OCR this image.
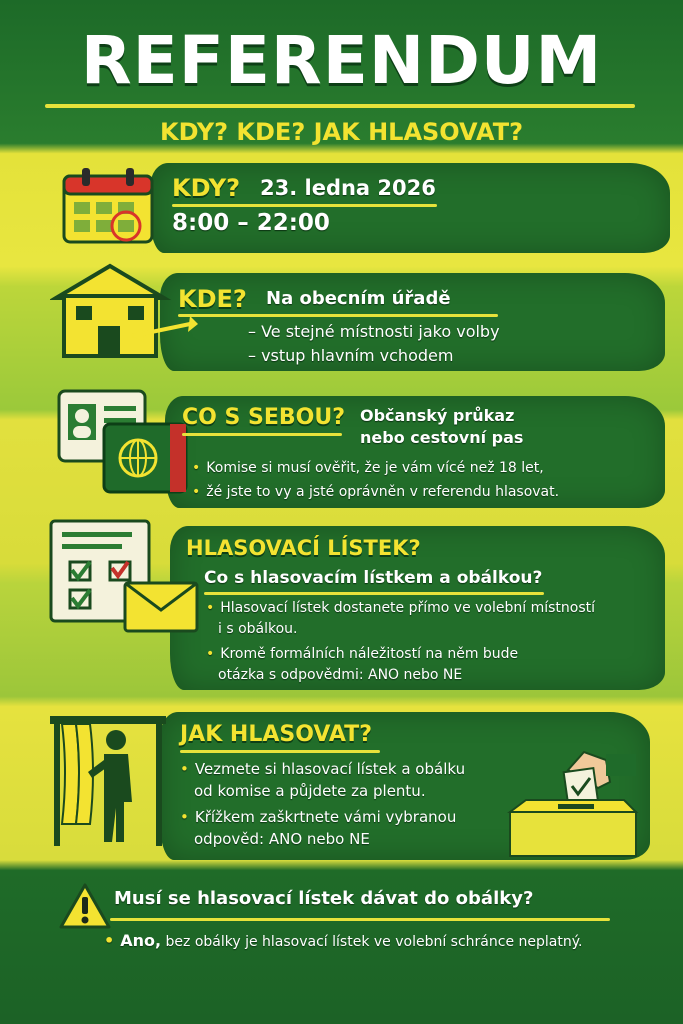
REFERENDUM
KDY? KDE? JAK HLASOVAT?
KDY? 23. ledna 2026
8:00 – 22:00
KDE? Na obecním úřadě
– Ve stejné místnosti jako volby
– vstup hlavním vchodem
CO S SEBOU? Občanský průkaz
nebo cestovní pas
• Komise si musí ověřit, že je vám vícé než 18 let,
• žé jste to vy a jsté oprávněn v referendu hlasovat.
HLASOVACÍ LÍSTEK?
Co s hlasovacím lístkem a obálkou?
• Hlasovací lístek dostanete přímo ve volební místností
i s obálkou.
• Kromě formálních náležitostí na něm bude
otázka s odpovědmi: ANO nebo NE
JAK HLASOVAT?
• Vezmete si hlasovací lístek a obálku
od komise a půjdete za plentu.
• Křížkem zaškrtnete vámi vybranou
odpověd: ANO nebo NE
Musí se hlasovací lístek dávat do obálky?
• Ano, bez obálky je hlasovací lístek ve volební schránce neplatný.
